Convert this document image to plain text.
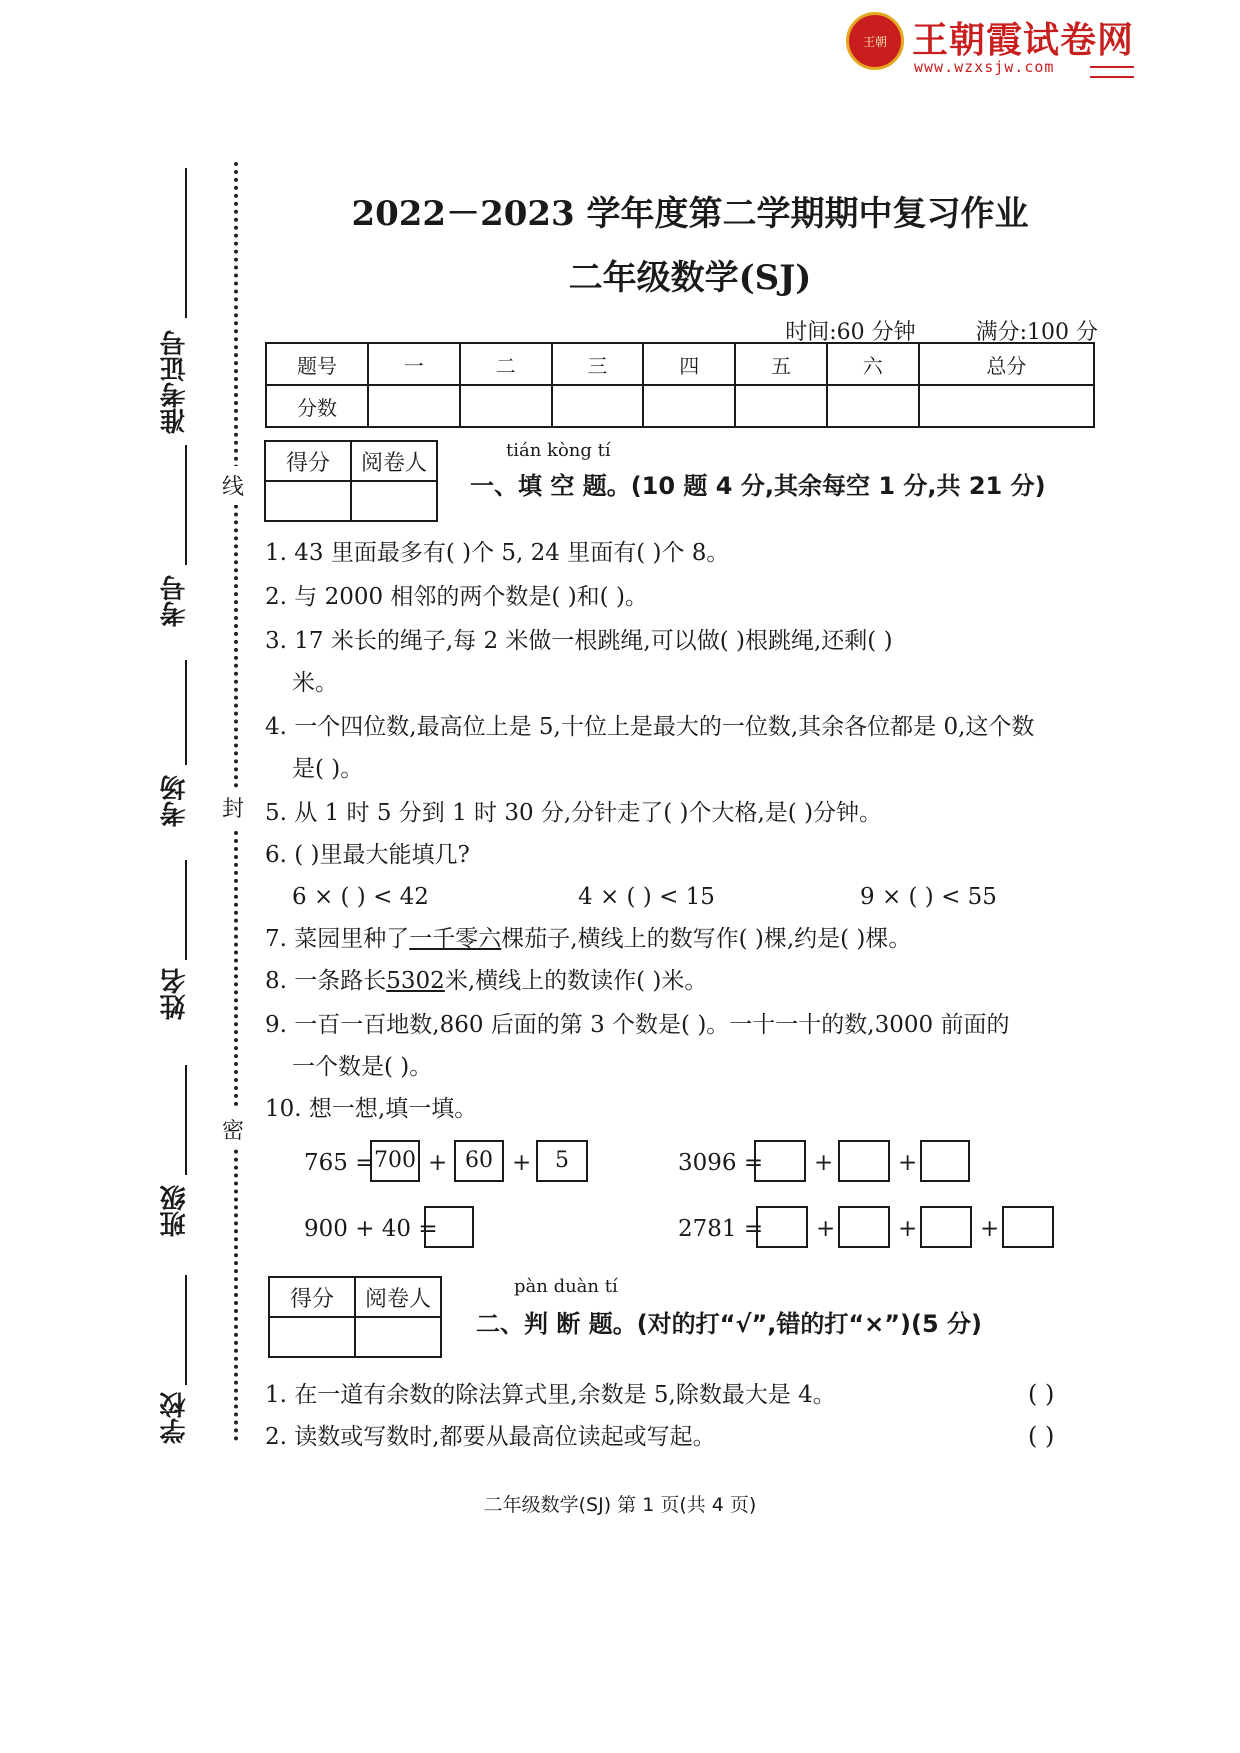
王朝 王朝霞试卷网
www.wzxsjw.com
准考证号
考号
考场
姓名
班级
学校
线
封
密
2022－2023 学年度第二学期期中复习作业
二年级数学(SJ)
时间:60 分钟	满分:100 分
题号	一	二	三	四	五	六	总分
分数							
得分	阅卷人
		tián kòng tí
一、填 空 题。(10 题 4 分,其余每空 1 分,共 21 分)
1. 43 里面最多有( )个 5, 24 里面有( )个 8。
2. 与 2000 相邻的两个数是( )和( )。
3. 17 米长的绳子,每 2 米做一根跳绳,可以做( )根跳绳,还剩( )
米。
4. 一个四位数,最高位上是 5,十位上是最大的一位数,其余各位都是 0,这个数
是( )。
5. 从 1 时 5 分到 1 时 30 分,分针走了( )个大格,是( )分钟。
6. ( )里最大能填几?
6 × ( ) < 42	4 × ( ) < 15	9 × ( ) < 55
7. 菜园里种了一千零六棵茄子,横线上的数写作( )棵,约是( )棵。
8. 一条路长5302米,横线上的数读作( )米。
9. 一百一百地数,860 后面的第 3 个数是( )。一十一十的数,3000 前面的
一个数是( )。
10. 想一想,填一填。
765 = 700 + 60 +	5	3096 = +	+
900 + 40 =	2781 = +	+	+
得分	阅卷人
		pàn duàn tí
二、判 断 题。(对的打“√”,错的打“×”)(5 分)
1. 在一道有余数的除法算式里,余数是 5,除数最大是 4。	( )
2. 读数或写数时,都要从最高位读起或写起。	( )
二年级数学(SJ) 第 1 页(共 4 页)
